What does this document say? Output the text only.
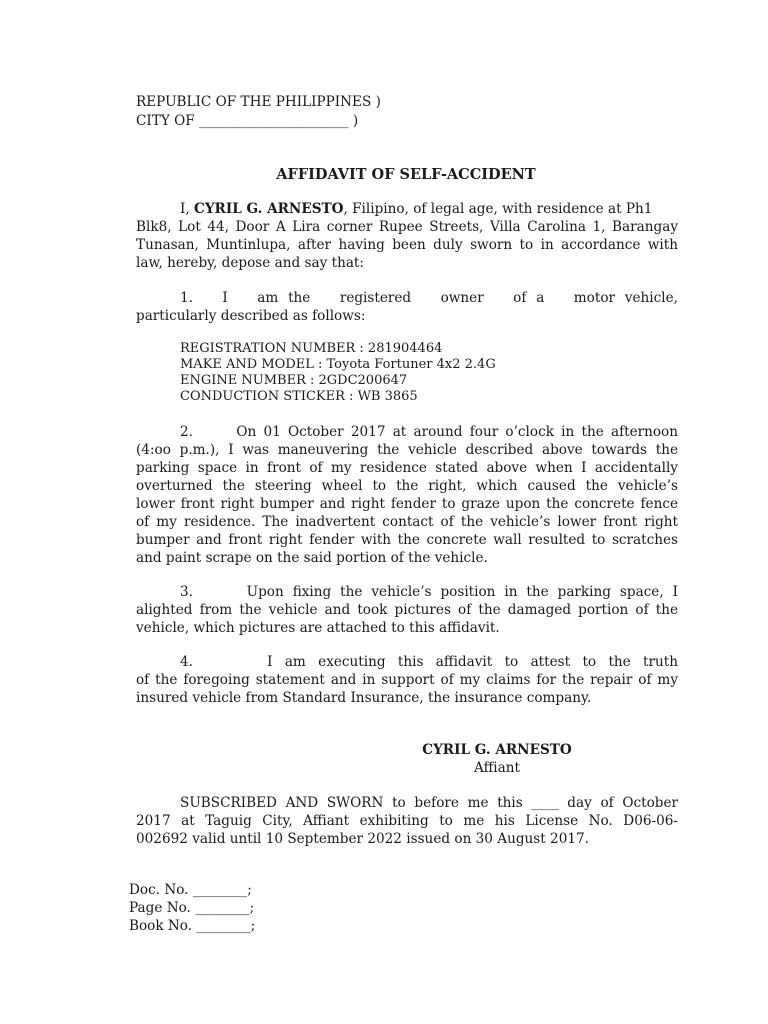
REPUBLIC OF THE PHILIPPINES )
CITY OF ______________________ )
AFFIDAVIT OF SELF-ACCIDENT
I, CYRIL G. ARNESTO, Filipino, of legal age, with residence at Ph1
Blk8, Lot 44, Door A Lira corner Rupee Streets, Villa Carolina 1, Barangay
Tunasan, Muntinlupa, after having been duly sworn to in accordance with
law, hereby, depose and say that:
1.   I   am the   registered   owner   of a   motor vehicle,
particularly described as follows:
REGISTRATION NUMBER : 281904464
MAKE AND MODEL : Toyota Fortuner 4x2 2.4G
ENGINE NUMBER : 2GDC200647
CONDUCTION STICKER : WB 3865
2.      On 01 October 2017 at around four o’clock in the afternoon
(4:oo p.m.), I was maneuvering the vehicle described above towards the
parking space in front of my residence stated above when I accidentally
overturned the steering wheel to the right, which caused the vehicle’s
lower front right bumper and right fender to graze upon the concrete fence
of my residence. The inadvertent contact of the vehicle’s lower front right
bumper and front right fender with the concrete wall resulted to scratches
and paint scrape on the said portion of the vehicle.
3.      Upon fixing the vehicle’s position in the parking space, I
alighted from the vehicle and took pictures of the damaged portion of the
vehicle, which pictures are attached to this affidavit.
4.      I am executing this affidavit to attest to the truth
of the foregoing statement and in support of my claims for the repair of my
insured vehicle from Standard Insurance, the insurance company.
CYRIL G. ARNESTO
Affiant
SUBSCRIBED AND SWORN to before me this ____ day of October
2017 at Taguig City, Affiant exhibiting to me his License No. D06-06-
002692 valid until 10 September 2022 issued on 30 August 2017.
Doc. No. ________;
Page No. ________;
Book No. ________;
